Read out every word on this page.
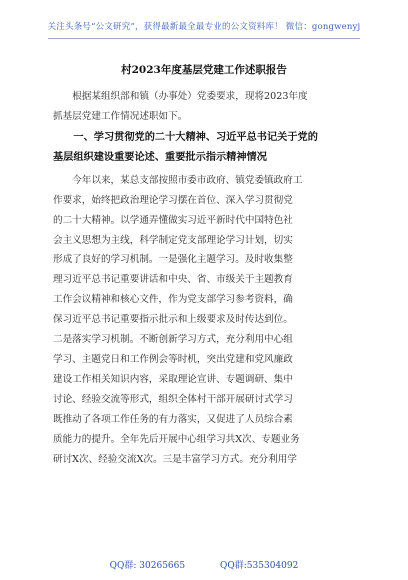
关注头条号“公文研究”，获得最新最全最专业的公文资料库！ 微信：gongwenyj
村2023年度基层党建工作述职报告

根据某组织部和镇（办事处）党委要求，现将2023年度
抓基层党建工作情况述职如下。

一、学习贯彻党的二十大精神、习近平总书记关于党的
基层组织建设重要论述、重要批示指示精神情况

今年以来，某总支部按照市委市政府、镇党委镇政府工
作要求，始终把政治理论学习摆在首位、深入学习贯彻党
的二十大精神。以学通弄懂做实习近平新时代中国特色社
会主义思想为主线，科学制定党支部理论学习计划，切实
形成了良好的学习机制。一是强化主题学习。及时收集整
理习近平总书记重要讲话和中央、省、市级关于主题教育
工作会议精神和核心文件，作为党支部学习参考资料，确
保习近平总书记重要指示批示和上级要求及时传达到位。
二是落实学习机制。不断创新学习方式，充分利用中心组
学习、主题党日和工作例会等时机，突出党建和党风廉政
建设工作相关知识内容，采取理论宣讲、专题调研、集中
讨论、经验交流等形式，组织全体村干部开展研讨式学习
既推动了各项工作任务的有力落实，又促进了人员综合素
质能力的提升。全年先后开展中心组学习共X次、专题业务
研讨X次、经验交流X次。三是丰富学习方式。充分利用学

QQ群: 30265665	QQ群:535304092
